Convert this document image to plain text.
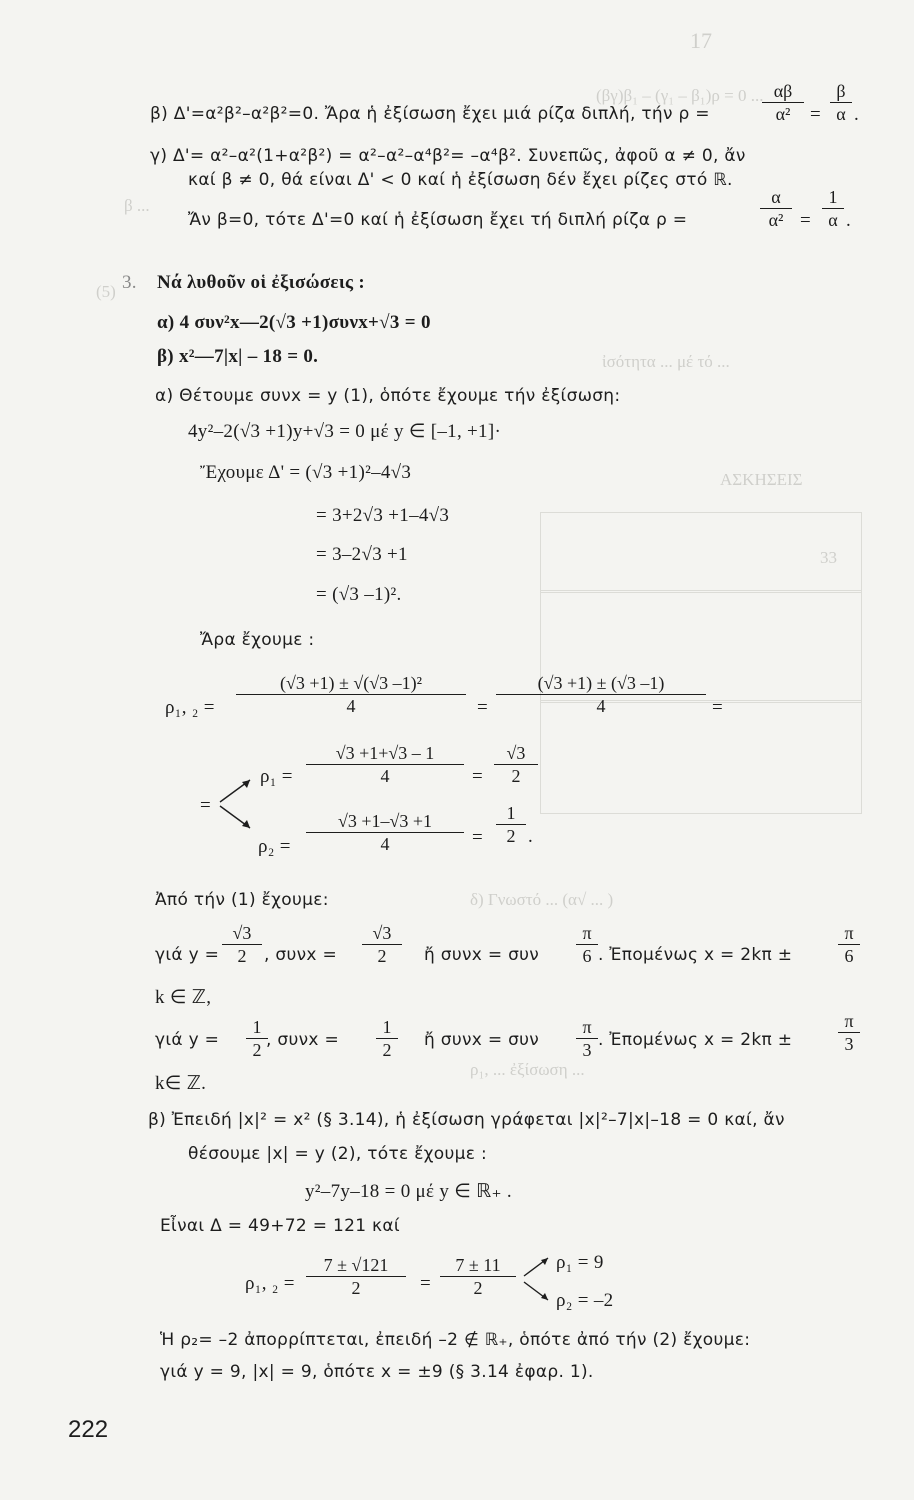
17
(βγ)β₁ – (γ₁ – β₁)ρ = 0 ...
β ...
(5)
ἰσότητα ... μέ τό ...
ΑΣΚΗΣΕΙΣ
δ) Γνωστό ... (α√ ... )
ρ₁, ... ἐξίσωση ...
33
β) Δ'=α²β²–α²β²=0. Ἄρα ἡ ἐξίσωση ἔχει μιά ρίζα διπλή, τήν ρ =	$\frac{\alpha\beta}{\text{α²}} = \frac{\beta}{\alpha}$ .
γ) Δ'= α²–α²(1+α²β²) = α²–α²–α⁴β²= –α⁴β². Συνεπῶς, ἀφοῦ α ≠ 0, ἄν
καί β ≠ 0, θά είναι Δ' < 0 καί ἡ ἐξίσωση δέν ἔχει ρίζες στό ℝ.
Ἄν β=0, τότε Δ'=0 καί ἡ ἐξίσωση ἔχει τή διπλή ρίζα ρ =	$\frac{\alpha}{\text{α²}} = \frac{1}{\alpha}$ .
3. Νά λυθοῦν οἱ ἐξισώσεις :
α) 4 συν²x—2(√3 +1)συνx+√3 = 0
β) x²—7|x| – 18 = 0.
α) Θέτουμε συνx = y (1), ὁπότε ἔχουμε τήν ἐξίσωση:
4y²–2(√3 +1)y+√3 = 0 μέ y ∈ [–1, +1]·
Ἔχουμε Δ' = (√3 +1)²–4√3
= 3+2√3 +1–4√3
= 3–2√3 +1
= (√3 –1)².
Ἄρα ἔχουμε :
ρ₁, $_2 = \frac{\text{(√3 +1) ± √(√3 –1)²}}{4} = \frac{(√3 +1) \pm (√3 -1)}{4}$ =
=
$\rho_1 = \frac{√3 +1+√3 - 1}{4} = \frac{√3}{2}$
$\rho_2 = \frac{√3 +1-√3 +1}{4} = \frac{1}{2}$ .
Ἀπό τήν (1) ἔχουμε:
γιά $y = \frac{√3}{2}$ , $\sigma\upsilon\nu x = \frac{√3}{2}$ ἤ συνx = συν $\frac{\pi}{6}$ . Ἐπομένως x = 2kπ ±	$\frac{\pi}{6}$
k ∈ ℤ,
γιά $y = \frac{1}{2}$
, $\sigma\upsilon\nu x = \frac{1}{2}$ ἤ συνx = συν $\frac{\pi}{3}$ . Ἐπομένως x = 2kπ ±	$\frac{\pi}{3}$
k∈ ℤ.
β) Ἐπειδή |x|² = x² (§ 3.14), ἡ ἐξίσωση γράφεται |x|²–7|x|–18 = 0 καί, ἄν
θέσουμε |x| = y (2), τότε ἔχουμε :
y²–7y–18 = 0 μέ y ∈ ℝ₊ .
Εἶναι Δ = 49+72 = 121 καί
ρ₁, $_2 = \frac{7 \pm √121}{2} = \frac{7 \pm 11}{2} \rho_1 = 9$
ρ₂ = –2
Ἡ ρ₂= –2 ἀπορρίπτεται, ἐπειδή –2 ∉ ℝ₊, ὁπότε ἀπό τήν (2) ἔχουμε:
γιά y = 9, |x| = 9, ὁπότε x = ±9 (§ 3.14 ἐφαρ. 1).
222
